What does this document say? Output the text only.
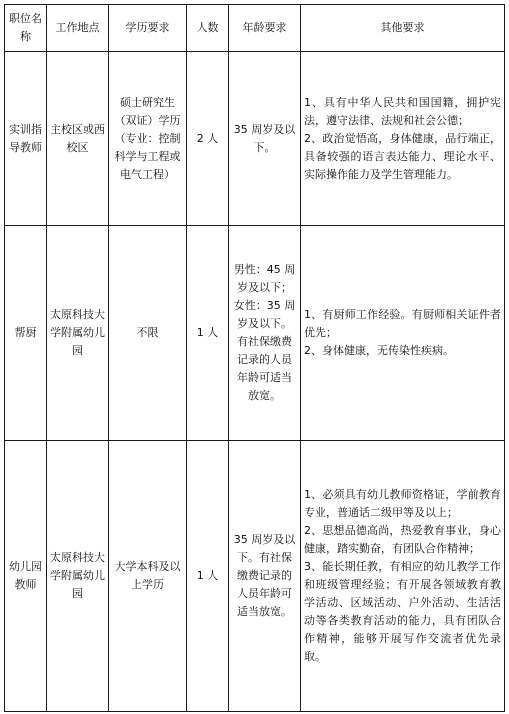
职位名称	工作地点	学历要求	人数	年龄要求	其他要求
实训指导教师	主校区或西校区	硕士研究生（双证）学历（专业：控制科学与工程或电气工程）	2 人	35 周岁及以下。	1、具有中华人民共和国国籍，拥护宪法，遵守法律、法规和社会公德；
2、政治觉悟高，身体健康，品行端正，具备较强的语言表达能力、理论水平、实际操作能力及学生管理能力。

帮厨	太原科技大学附属幼儿园	不限	1 人	男性：45 周岁及以下；女性：35 周岁及以下。有社保缴费记录的人员年龄可适当放宽。	1、有厨师工作经验。有厨师相关证件者优先；
2、身体健康，无传染性疾病。

幼儿园教师	太原科技大学附属幼儿园	大学本科及以上学历	1 人	35 周岁及以下。有社保缴费记录的人员年龄可适当放宽。	1、必须具有幼儿教师资格证，学前教育专业，普通话二级甲等及以上；
2、思想品德高尚，热爱教育事业，身心健康，踏实勤奋，有团队合作精神；
3、能长期任教，有相应的幼儿教学工作和班级管理经验；有开展各领域教育教学活动、区域活动、户外活动、生活活动等各类教育活动的能力，具有团队合作精神，能够开展写作交流者优先录取。
